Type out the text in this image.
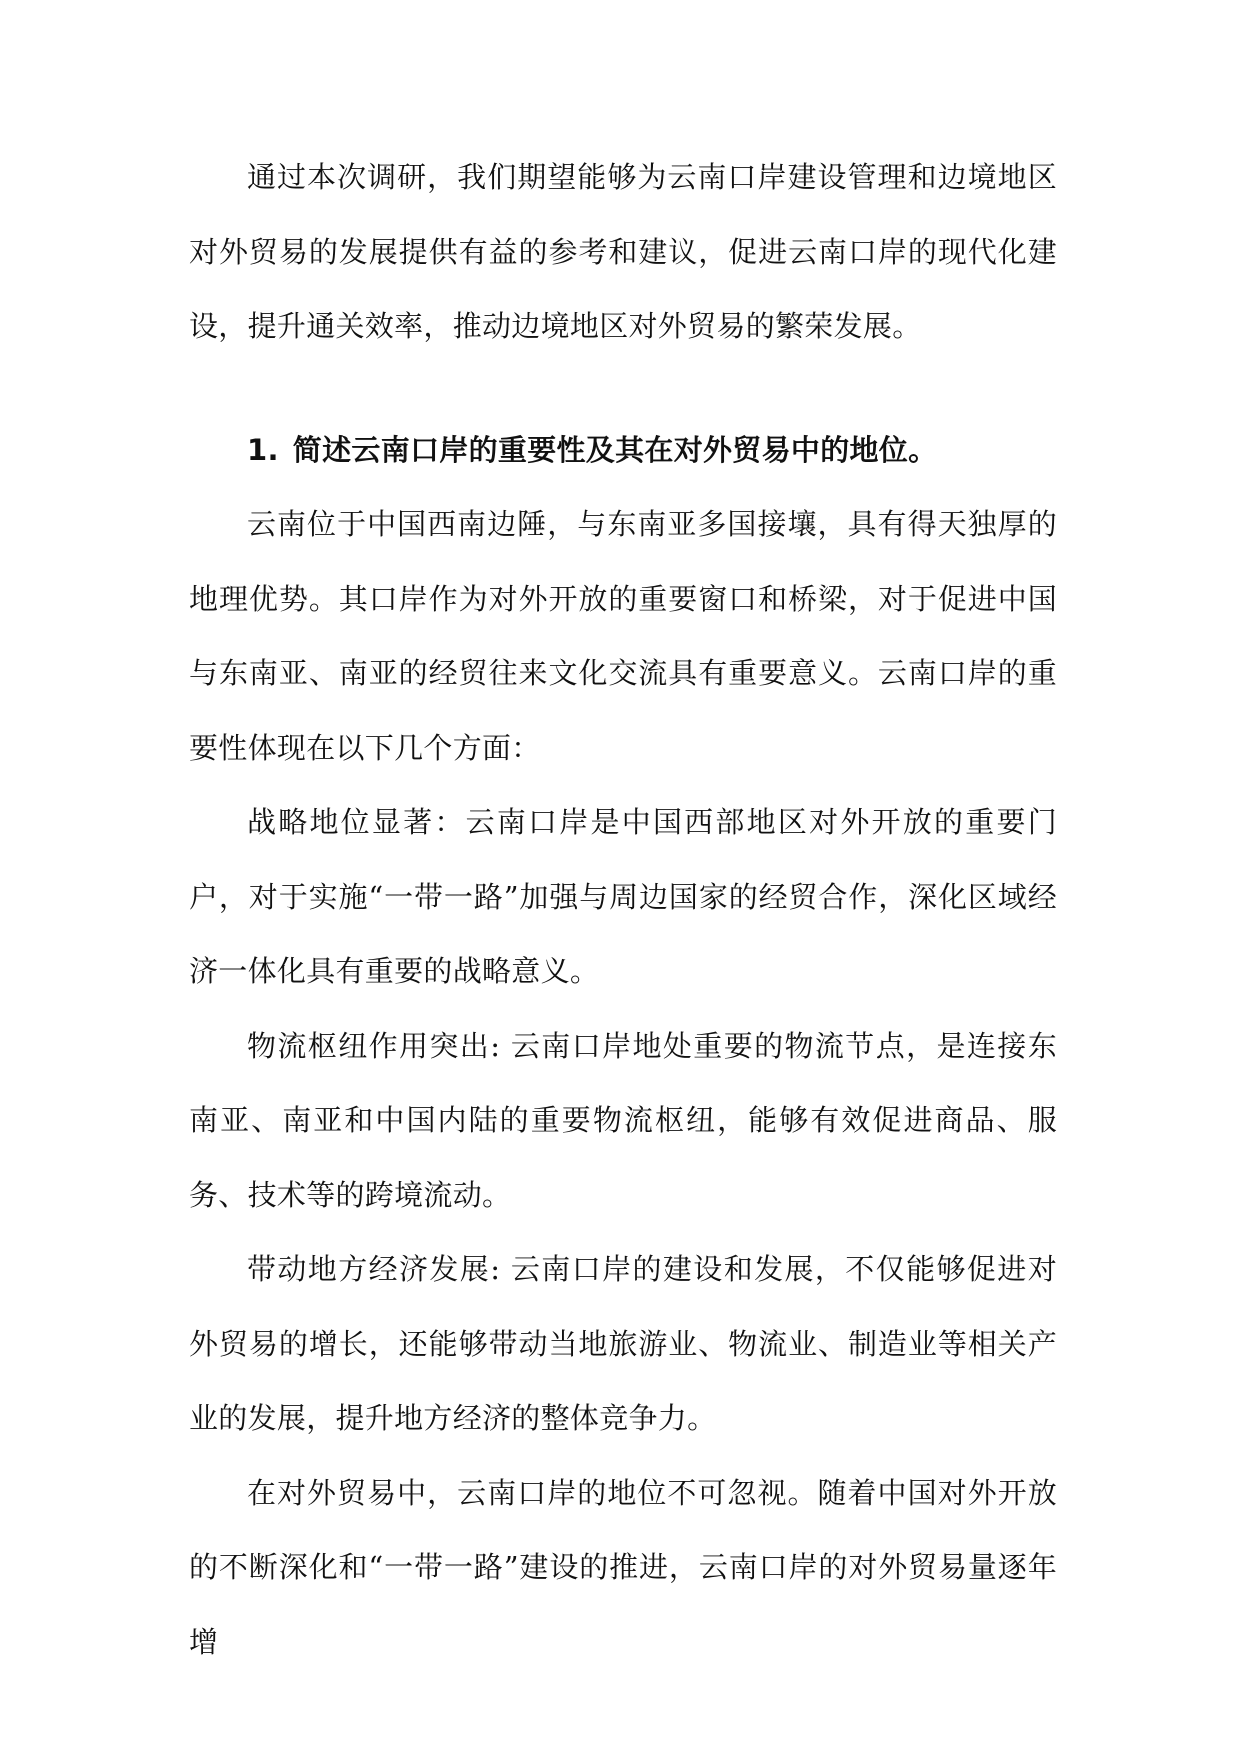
通过本次调研，我们期望能够为云南口岸建设管理和边境地区对外贸易的发展提供有益的参考和建议，促进云南口岸的现代化建设，提升通关效率，推动边境地区对外贸易的繁荣发展。

1. 简述云南口岸的重要性及其在对外贸易中的地位。

云南位于中国西南边陲，与东南亚多国接壤，具有得天独厚的地理优势。其口岸作为对外开放的重要窗口和桥梁，对于促进中国与东南亚、南亚的经贸往来文化交流具有重要意义。云南口岸的重要性体现在以下几个方面：

战略地位显著：云南口岸是中国西部地区对外开放的重要门户，对于实施“一带一路”加强与周边国家的经贸合作，深化区域经济一体化具有重要的战略意义。

物流枢纽作用突出: 云南口岸地处重要的物流节点，是连接东南亚、南亚和中国内陆的重要物流枢纽，能够有效促进商品、服务、技术等的跨境流动。

带动地方经济发展: 云南口岸的建设和发展，不仅能够促进对外贸易的增长，还能够带动当地旅游业、物流业、制造业等相关产业的发展，提升地方经济的整体竞争力。

在对外贸易中，云南口岸的地位不可忽视。随着中国对外开放的不断深化和“一带一路”建设的推进，云南口岸的对外贸易量逐年增
